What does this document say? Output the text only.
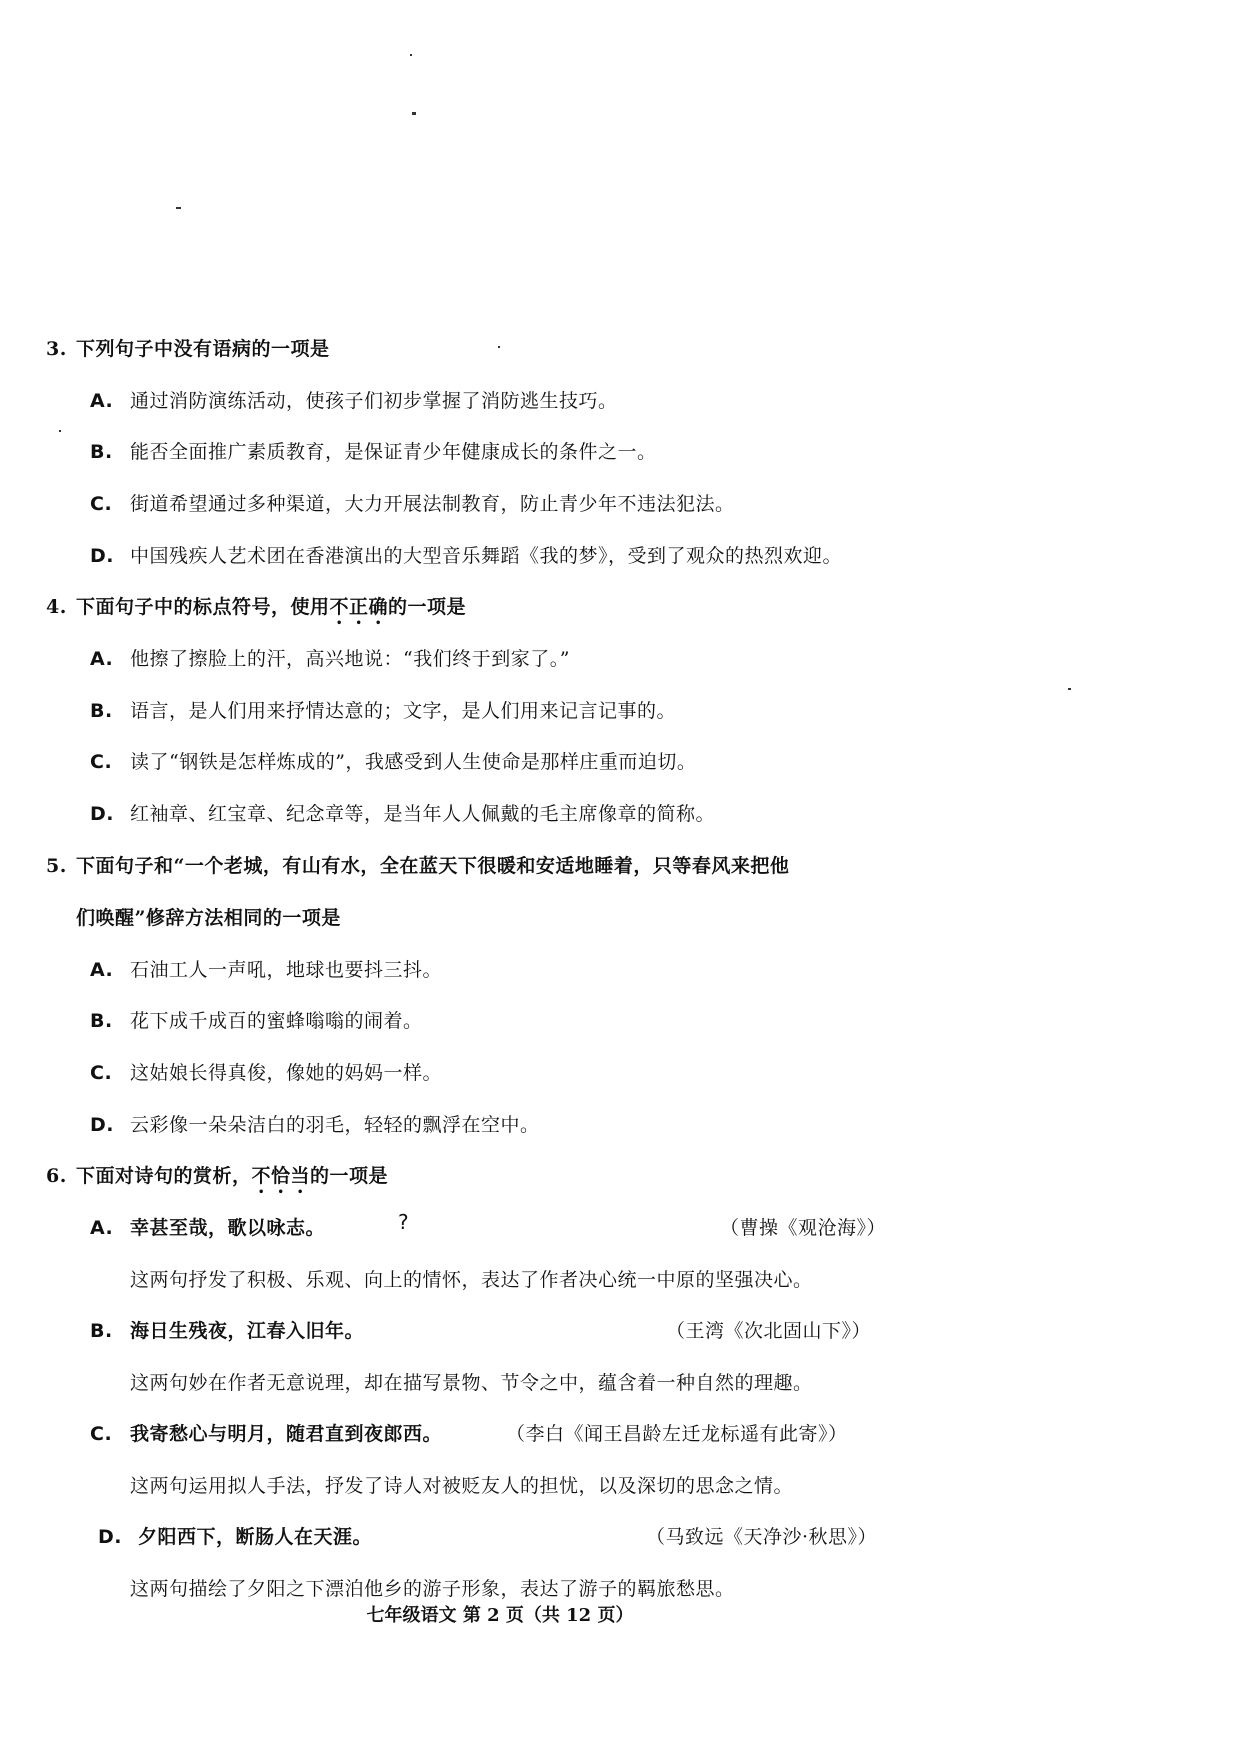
3. 下列句子中没有语病的一项是
A. 通过消防演练活动，使孩子们初步掌握了消防逃生技巧。
B. 能否全面推广素质教育，是保证青少年健康成长的条件之一。
C. 街道希望通过多种渠道，大力开展法制教育，防止青少年不违法犯法。
D. 中国残疾人艺术团在香港演出的大型音乐舞蹈《我的梦》，受到了观众的热烈欢迎。
4. 下面句子中的标点符号，使用不正确的一项是
A. 他擦了擦脸上的汗，高兴地说：“我们终于到家了。”
B. 语言，是人们用来抒情达意的；文字，是人们用来记言记事的。
C. 读了“钢铁是怎样炼成的”，我感受到人生使命是那样庄重而迫切。
D. 红袖章、红宝章、纪念章等，是当年人人佩戴的毛主席像章的简称。
5. 下面句子和“一个老城，有山有水，全在蓝天下很暖和安适地睡着，只等春风来把他
们唤醒”修辞方法相同的一项是
A. 石油工人一声吼，地球也要抖三抖。
B. 花下成千成百的蜜蜂嗡嗡的闹着。
C. 这姑娘长得真俊，像她的妈妈一样。
D. 云彩像一朵朵洁白的羽毛，轻轻的飘浮在空中。
6. 下面对诗句的赏析，不恰当的一项是
A. 幸甚至哉，歌以咏志。	?	（曹操《观沧海》）
这两句抒发了积极、乐观、向上的情怀，表达了作者决心统一中原的坚强决心。
B. 海日生残夜，江春入旧年。	（王湾《次北固山下》）
这两句妙在作者无意说理，却在描写景物、节令之中，蕴含着一种自然的理趣。
C. 我寄愁心与明月，随君直到夜郎西。	（李白《闻王昌龄左迁龙标遥有此寄》）
这两句运用拟人手法，抒发了诗人对被贬友人的担忧，以及深切的思念之情。
D. 夕阳西下，断肠人在天涯。	（马致远《天净沙·秋思》）
这两句描绘了夕阳之下漂泊他乡的游子形象，表达了游子的羁旅愁思。
七年级语文 第 2 页（共 12 页）
